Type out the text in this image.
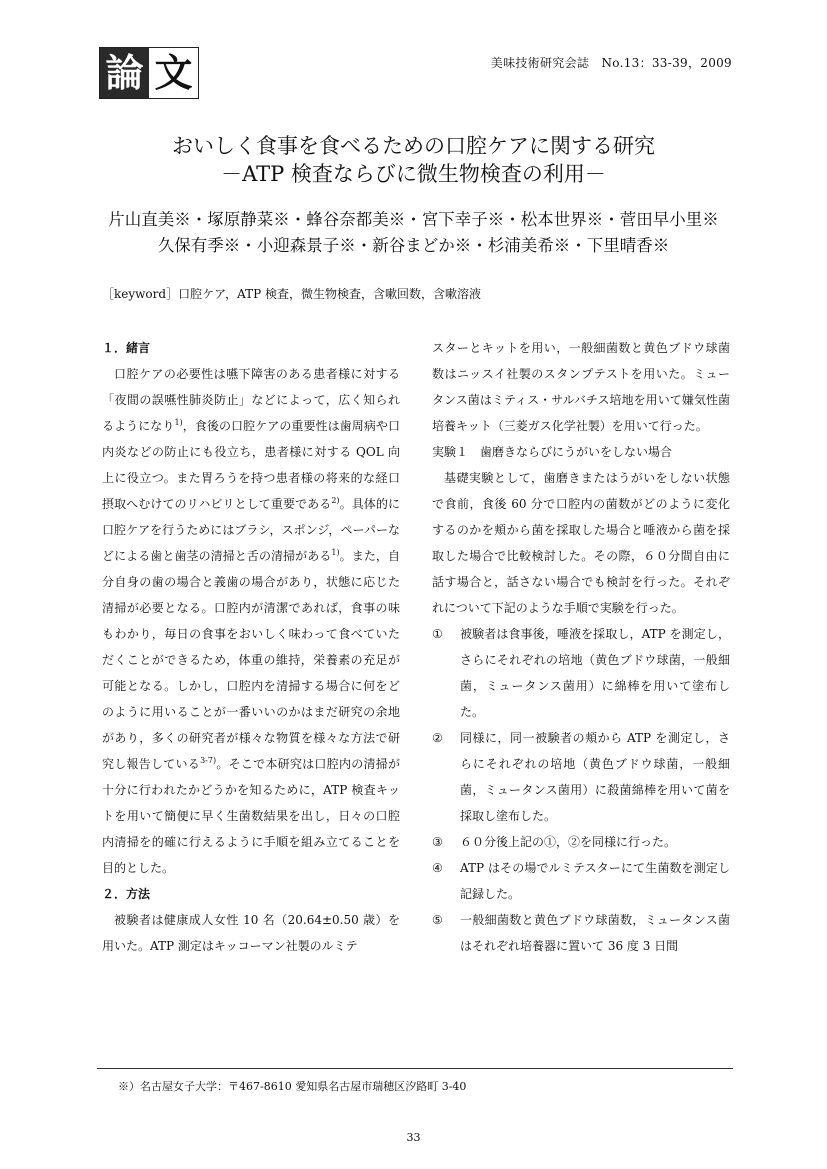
論 文	美味技術研究会誌　No.13：33-39，2009
おいしく食事を食べるための口腔ケアに関する研究
－ATP 検査ならびに微生物検査の利用－
片山直美※・塚原静菜※・蜂谷奈都美※・宮下幸子※・松本世界※・菅田早小里※
久保有季※・小迎森景子※・新谷まどか※・杉浦美希※・下里晴香※
［keyword］口腔ケア，ATP 検査，微生物検査，含嗽回数，含嗽溶液

１．緒言

口腔ケアの必要性は嚥下障害のある患者様に対する「夜間の誤嚥性肺炎防止」などによって，広く知られるようになり$^{1)}$，食後の口腔ケアの重要性は歯周病や口内炎などの防止にも役立ち，患者様に対する QOL 向上に役立つ。また胃ろうを持つ患者様の将来的な経口摂取へむけてのリハビリとして重要である$^{2)}$。具体的に口腔ケアを行うためにはブラシ，スポンジ，ペーパーなどによる歯と歯茎の清掃と舌の清掃がある$^{1)}$。また，自分自身の歯の場合と義歯の場合があり，状態に応じた清掃が必要となる。口腔内が清潔であれば，食事の味もわかり，毎日の食事をおいしく味わって食べていただくことができるため，体重の維持，栄養素の充足が可能となる。しかし，口腔内を清掃する場合に何をどのように用いることが一番いいのかはまだ研究の余地があり，多くの研究者が様々な物質を様々な方法で研究し報告している$^{3-7)}$。そこで本研究は口腔内の清掃が十分に行われたかどうかを知るために，ATP 検査キットを用いて簡便に早く生菌数結果を出し，日々の口腔内清掃を的確に行えるように手順を組み立てることを目的とした。

２．方法

被験者は健康成人女性 10 名（20.64±0.50 歳）を用いた。ATP 測定はキッコーマン社製のルミテ

スターとキットを用い，一般細菌数と黄色ブドウ球菌数はニッスイ社製のスタンプテストを用いた。ミュータンス菌はミティス・サルバチス培地を用いて嫌気性菌培養キット（三菱ガス化学社製）を用いて行った。

実験１　歯磨きならびにうがいをしない場合

基礎実験として，歯磨きまたはうがいをしない状態で食前，食後 60 分で口腔内の菌数がどのように変化するのかを頬から菌を採取した場合と唾液から菌を採取した場合で比較検討した。その際，６０分間自由に話す場合と，話さない場合でも検討を行った。それぞれについて下記のような手順で実験を行った。

①	被験者は食事後，唾液を採取し，ATP を測定し，さらにそれぞれの培地（黄色ブドウ球菌，一般細菌，ミュータンス菌用）に綿棒を用いて塗布した。
②	同様に，同一被験者の頬から ATP を測定し，さらにそれぞれの培地（黄色ブドウ球菌，一般細菌，ミュータンス菌用）に殺菌綿棒を用いて菌を採取し塗布した。
③	６０分後上記の①，②を同様に行った。
④	ATP はその場でルミテスターにて生菌数を測定し記録した。
⑤	一般細菌数と黄色ブドウ球菌数，ミュータンス菌はそれぞれ培養器に置いて 36 度 3 日間
※）名古屋女子大学：〒467-8610 愛知県名古屋市瑞穂区汐路町 3-40
33
